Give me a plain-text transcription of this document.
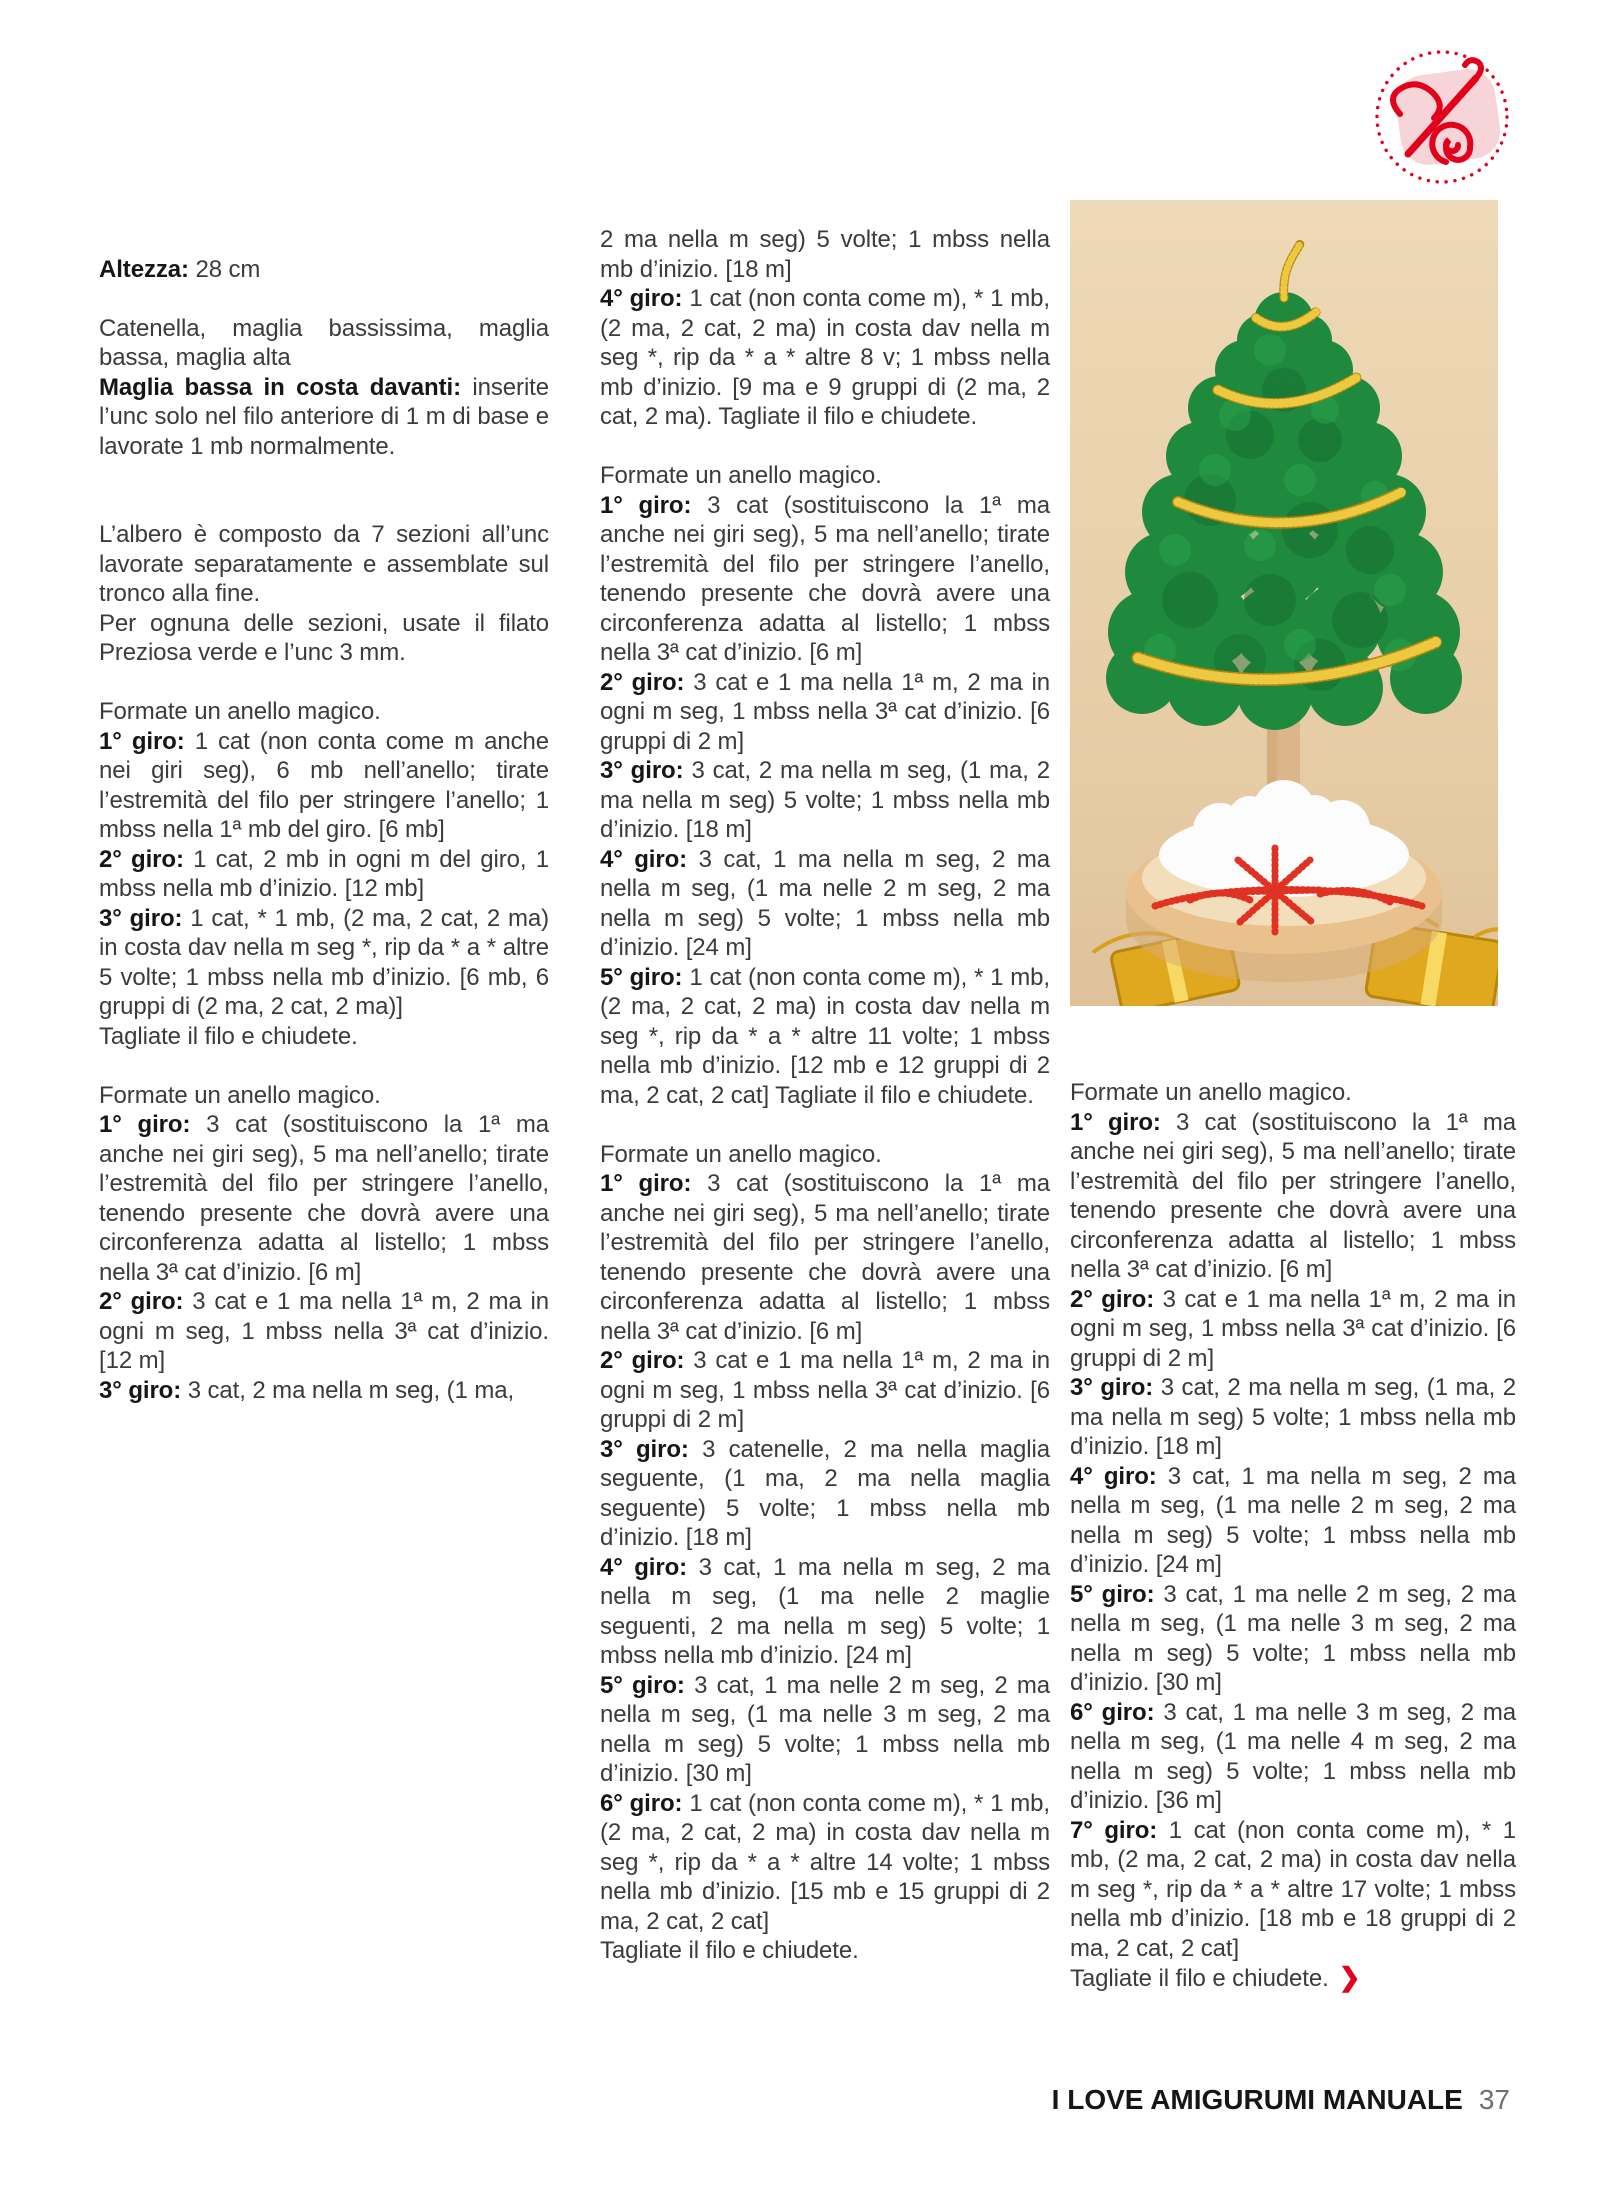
Altezza: 28 cm

Catenella, maglia bassissima, maglia bassa, maglia alta

Maglia bassa in costa davanti: inserite l’unc solo nel filo anteriore di 1 m di base e lavorate 1 mb normalmente.

L’albero è composto da 7 sezioni all’unc lavorate separatamente e assemblate sul tronco alla fine.

Per ognuna delle sezioni, usate il filato Preziosa verde e l’unc 3 mm.

Formate un anello magico.

1° giro: 1 cat (non conta come m anche nei giri seg), 6 mb nell’anello; tirate l’estremità del filo per stringere l’anello; 1 mbss nella 1ª mb del giro. [6 mb]

2° giro: 1 cat, 2 mb in ogni m del giro, 1 mbss nella mb d’inizio. [12 mb]

3° giro: 1 cat, * 1 mb, (2 ma, 2 cat, 2 ma) in costa dav nella m seg *, rip da * a * altre 5 volte; 1 mbss nella mb d’inizio. [6 mb, 6 gruppi di (2 ma, 2 cat, 2 ma)]

Tagliate il filo e chiudete.

Formate un anello magico.

1° giro: 3 cat (sostituiscono la 1ª ma anche nei giri seg), 5 ma nell’anello; tirate l’estremità del filo per stringere l’anello, tenendo presente che dovrà avere una circonferenza adatta al listello; 1 mbss nella 3ª cat d’inizio. [6 m]

2° giro: 3 cat e 1 ma nella 1ª m, 2 ma in ogni m seg, 1 mbss nella 3ª cat d’inizio. [12 m]

3° giro: 3 cat, 2 ma nella m seg, (1 ma,

2 ma nella m seg) 5 volte; 1 mbss nella mb d’inizio. [18 m]

4° giro: 1 cat (non conta come m), * 1 mb, (2 ma, 2 cat, 2 ma) in costa dav nella m seg *, rip da * a * altre 8 v; 1 mbss nella mb d’inizio. [9 ma e 9 gruppi di (2 ma, 2 cat, 2 ma). Tagliate il filo e chiudete.

Formate un anello magico.

1° giro: 3 cat (sostituiscono la 1ª ma anche nei giri seg), 5 ma nell’anello; tirate l’estremità del filo per stringere l’anello, tenendo presente che dovrà avere una circonferenza adatta al listello; 1 mbss nella 3ª cat d’inizio. [6 m]

2° giro: 3 cat e 1 ma nella 1ª m, 2 ma in ogni m seg, 1 mbss nella 3ª cat d’inizio. [6 gruppi di 2 m]

3° giro: 3 cat, 2 ma nella m seg, (1 ma, 2 ma nella m seg) 5 volte; 1 mbss nella mb d’inizio. [18 m]

4° giro: 3 cat, 1 ma nella m seg, 2 ma nella m seg, (1 ma nelle 2 m seg, 2 ma nella m seg) 5 volte; 1 mbss nella mb d’inizio. [24 m]

5° giro: 1 cat (non conta come m), * 1 mb, (2 ma, 2 cat, 2 ma) in costa dav nella m seg *, rip da * a * altre 11 volte; 1 mbss nella mb d’inizio. [12 mb e 12 gruppi di 2 ma, 2 cat, 2 cat] Tagliate il filo e chiudete.

Formate un anello magico.

1° giro: 3 cat (sostituiscono la 1ª ma anche nei giri seg), 5 ma nell’anello; tirate l’estremità del filo per stringere l’anello, tenendo presente che dovrà avere una circonferenza adatta al listello; 1 mbss nella 3ª cat d’inizio. [6 m]

2° giro: 3 cat e 1 ma nella 1ª m, 2 ma in ogni m seg, 1 mbss nella 3ª cat d’inizio. [6 gruppi di 2 m]

3° giro: 3 catenelle, 2 ma nella maglia seguente, (1 ma, 2 ma nella maglia seguente) 5 volte; 1 mbss nella mb d’inizio. [18 m]

4° giro: 3 cat, 1 ma nella m seg, 2 ma nella m seg, (1 ma nelle 2 maglie seguenti, 2 ma nella m seg) 5 volte; 1 mbss nella mb d’inizio. [24 m]

5° giro: 3 cat, 1 ma nelle 2 m seg, 2 ma nella m seg, (1 ma nelle 3 m seg, 2 ma nella m seg) 5 volte; 1 mbss nella mb d’inizio. [30 m]

6° giro: 1 cat (non conta come m), * 1 mb, (2 ma, 2 cat, 2 ma) in costa dav nella m seg *, rip da * a * altre 14 volte; 1 mbss nella mb d’inizio. [15 mb e 15 gruppi di 2 ma, 2 cat, 2 cat]

Tagliate il filo e chiudete.

Formate un anello magico.

1° giro: 3 cat (sostituiscono la 1ª ma anche nei giri seg), 5 ma nell’anello; tirate l’estremità del filo per stringere l’anello, tenendo presente che dovrà avere una circonferenza adatta al listello; 1 mbss nella 3ª cat d’inizio. [6 m]

2° giro: 3 cat e 1 ma nella 1ª m, 2 ma in ogni m seg, 1 mbss nella 3ª cat d’inizio. [6 gruppi di 2 m]

3° giro: 3 cat, 2 ma nella m seg, (1 ma, 2 ma nella m seg) 5 volte; 1 mbss nella mb d’inizio. [18 m]

4° giro: 3 cat, 1 ma nella m seg, 2 ma nella m seg, (1 ma nelle 2 m seg, 2 ma nella m seg) 5 volte; 1 mbss nella mb d’inizio. [24 m]

5° giro: 3 cat, 1 ma nelle 2 m seg, 2 ma nella m seg, (1 ma nelle 3 m seg, 2 ma nella m seg) 5 volte; 1 mbss nella mb d’inizio. [30 m]

6° giro: 3 cat, 1 ma nelle 3 m seg, 2 ma nella m seg, (1 ma nelle 4 m seg, 2 ma nella m seg) 5 volte; 1 mbss nella mb d’inizio. [36 m]

7° giro: 1 cat (non conta come m), * 1 mb, (2 ma, 2 cat, 2 ma) in costa dav nella m seg *, rip da * a * altre 17 volte; 1 mbss nella mb d’inizio. [18 mb e 18 gruppi di 2 ma, 2 cat, 2 cat]

Tagliate il filo e chiudete. ❯

I LOVE AMIGURUMI MANUALE 37
